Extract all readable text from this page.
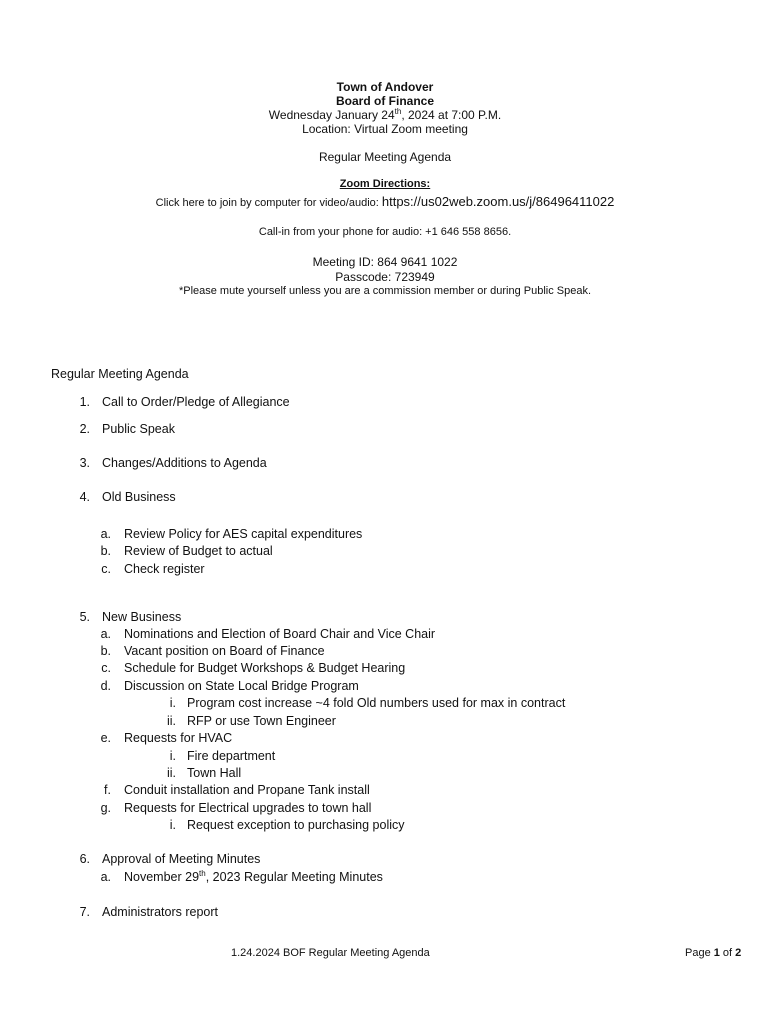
Town of Andover
Board of Finance
Wednesday January 24th, 2024 at 7:00 P.M.
Location: Virtual Zoom meeting
Regular Meeting Agenda
Zoom Directions:
Click here to join by computer for video/audio: https://us02web.zoom.us/j/86496411022
Call-in from your phone for audio: +1 646 558 8656.
Meeting ID: 864 9641 1022
Passcode: 723949
*Please mute yourself unless you are a commission member or during Public Speak.
Regular Meeting Agenda
1. Call to Order/Pledge of Allegiance
2. Public Speak
3. Changes/Additions to Agenda
4. Old Business
a. Review Policy for AES capital expenditures
b. Review of Budget to actual
c. Check register
5. New Business
a. Nominations and Election of Board Chair and Vice Chair
b. Vacant position on Board of Finance
c. Schedule for Budget Workshops & Budget Hearing
d. Discussion on State Local Bridge Program
i. Program cost increase ~4 fold Old numbers used for max in contract
ii. RFP or use Town Engineer
e. Requests for HVAC
i. Fire department
ii. Town Hall
f. Conduit installation and Propane Tank install
g. Requests for Electrical upgrades to town hall
i. Request exception to purchasing policy
6. Approval of Meeting Minutes
a. November 29th, 2023 Regular Meeting Minutes
7. Administrators report
1.24.2024 BOF Regular Meeting Agenda	Page 1 of 2
